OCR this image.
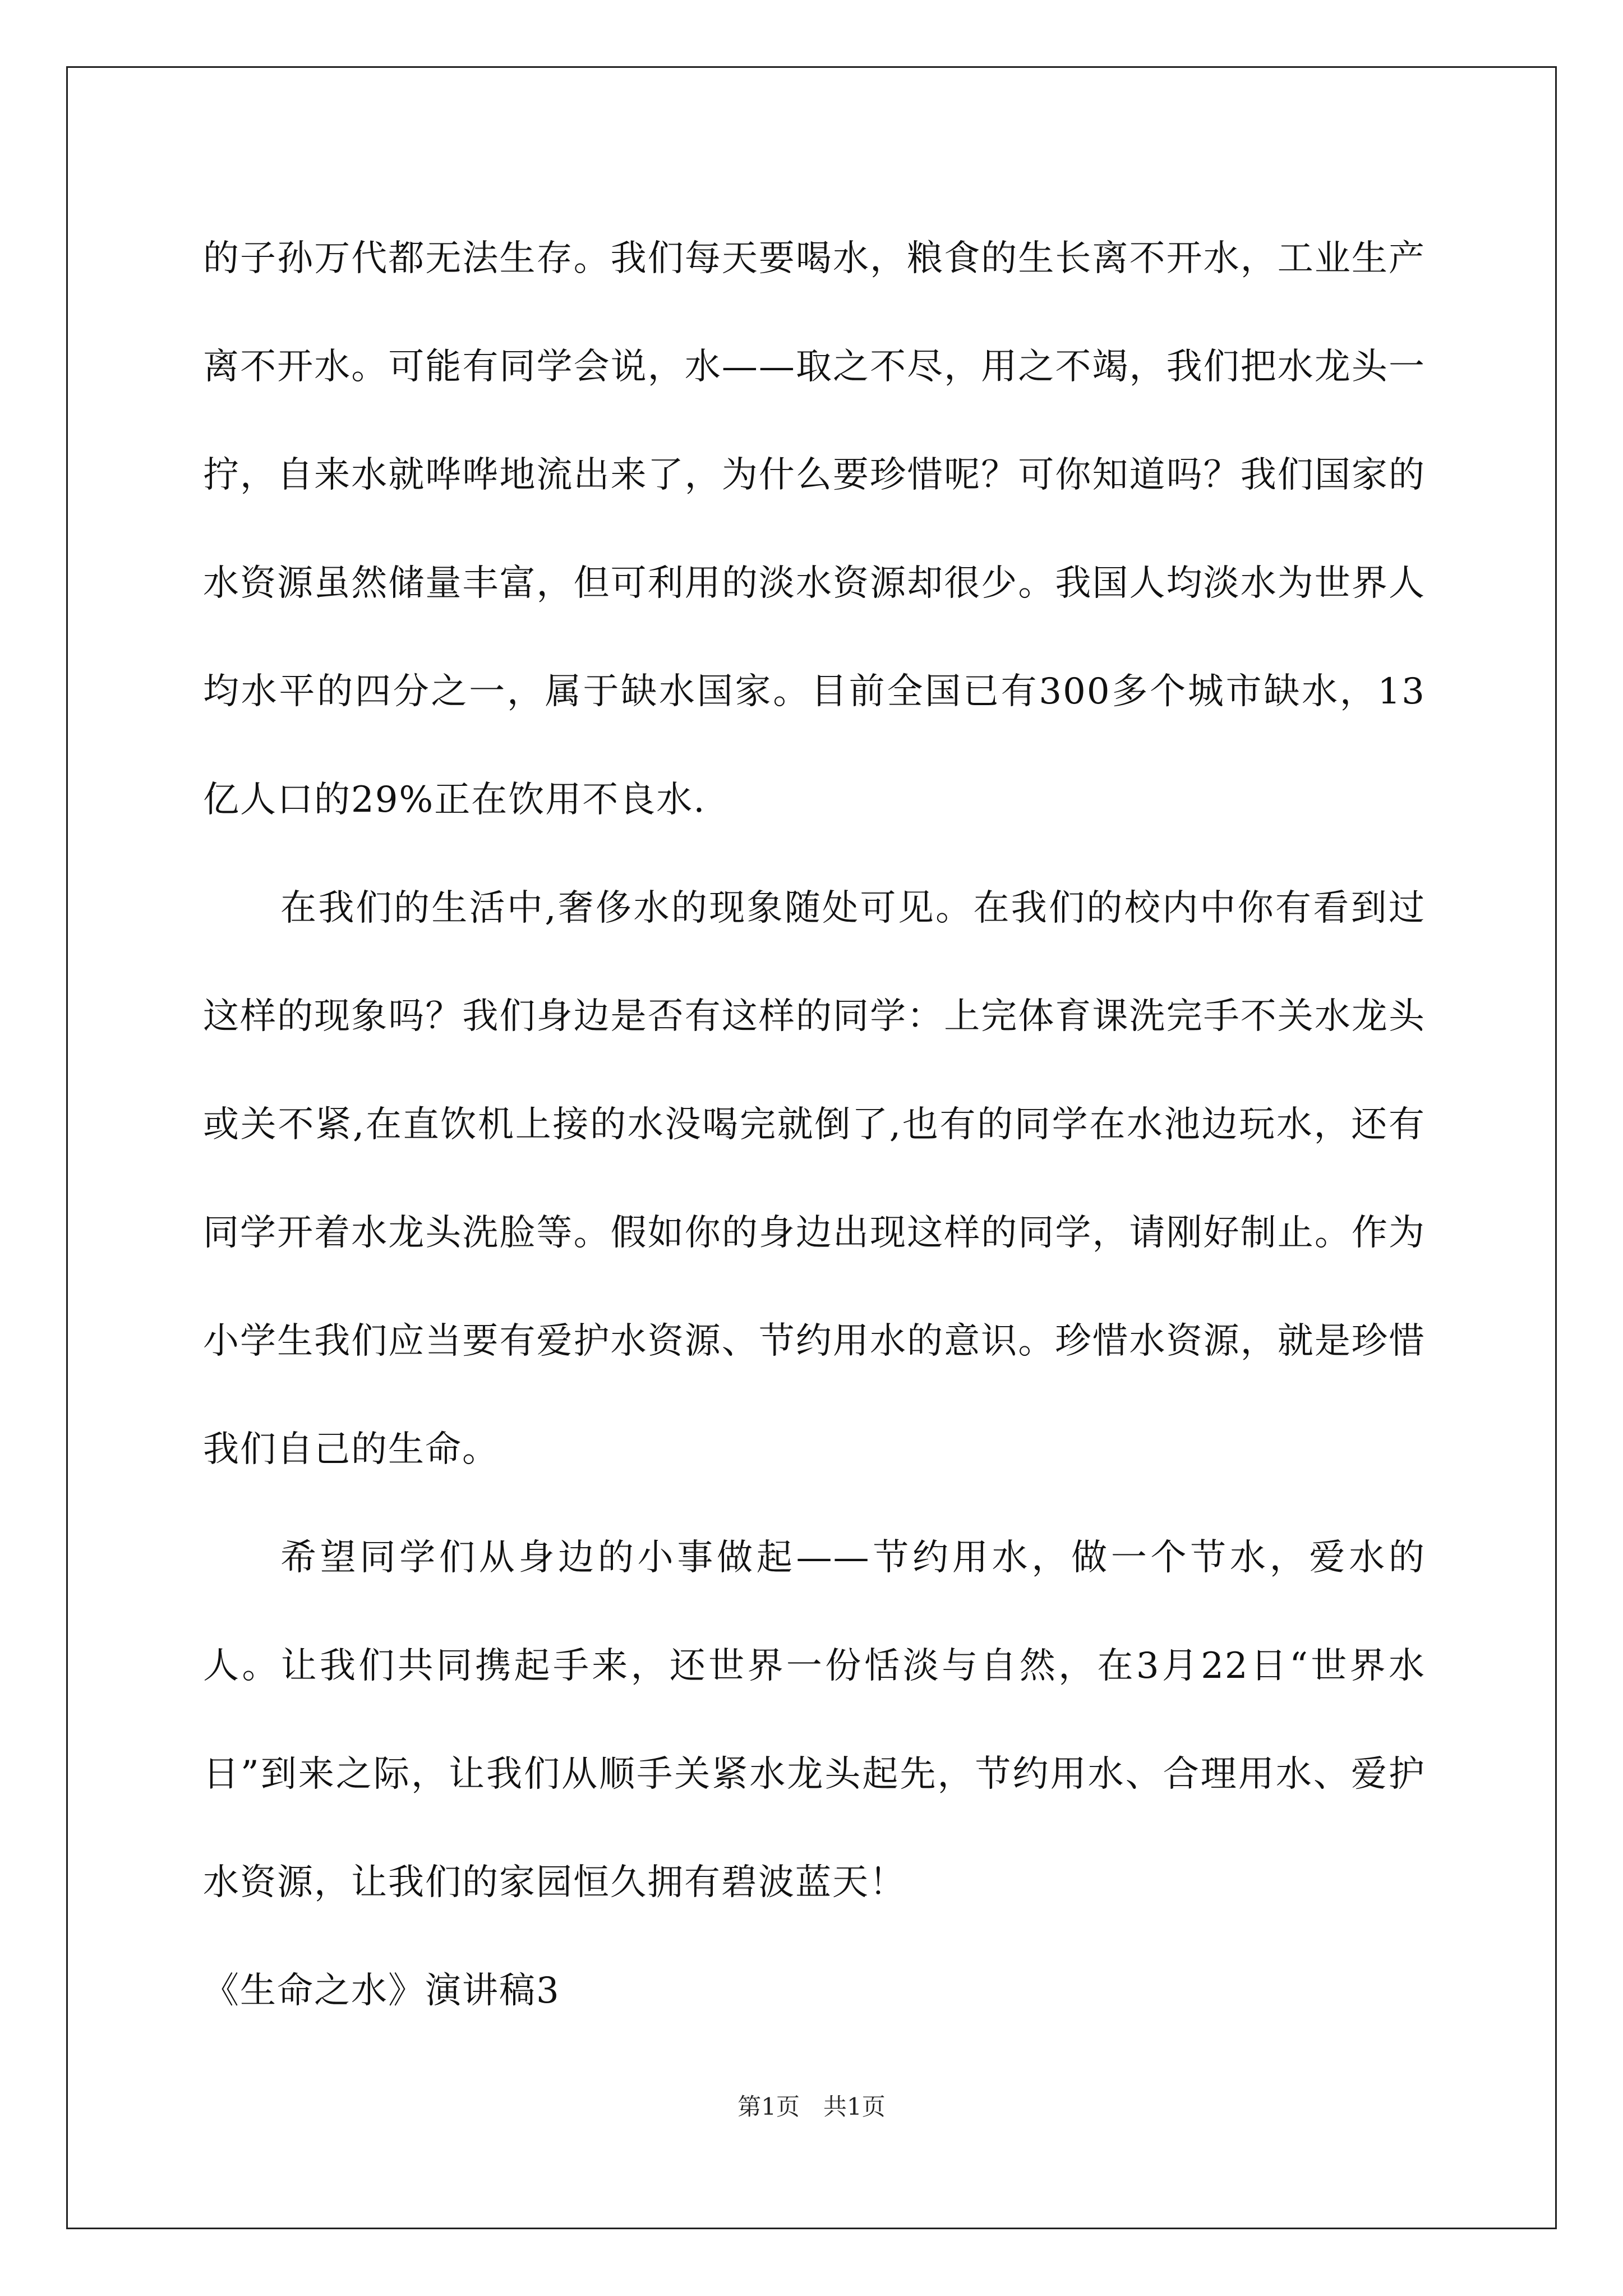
的子孙万代都无法生存。我们每天要喝水，粮食的生长离不开水，工业生产离不开水。可能有同学会说，水——取之不尽，用之不竭，我们把水龙头一拧，自来水就哗哗地流出来了，为什么要珍惜呢？可你知道吗？我们国家的水资源虽然储量丰富，但可利用的淡水资源却很少。我国人均淡水为世界人均水平的四分之一，属于缺水国家。目前全国已有300多个城市缺水，13亿人口的29%正在饮用不良水.

在我们的生活中,奢侈水的现象随处可见。在我们的校内中你有看到过这样的现象吗？我们身边是否有这样的同学：上完体育课洗完手不关水龙头或关不紧,在直饮机上接的水没喝完就倒了,也有的同学在水池边玩水，还有同学开着水龙头洗脸等。假如你的身边出现这样的同学，请刚好制止。作为小学生我们应当要有爱护水资源、节约用水的意识。珍惜水资源，就是珍惜我们自己的生命。

希望同学们从身边的小事做起——节约用水，做一个节水，爱水的人。让我们共同携起手来，还世界一份恬淡与自然，在3月22日“世界水日”到来之际，让我们从顺手关紧水龙头起先，节约用水、合理用水、爱护水资源，让我们的家园恒久拥有碧波蓝天！

《生命之水》演讲稿3

第1页　共1页
